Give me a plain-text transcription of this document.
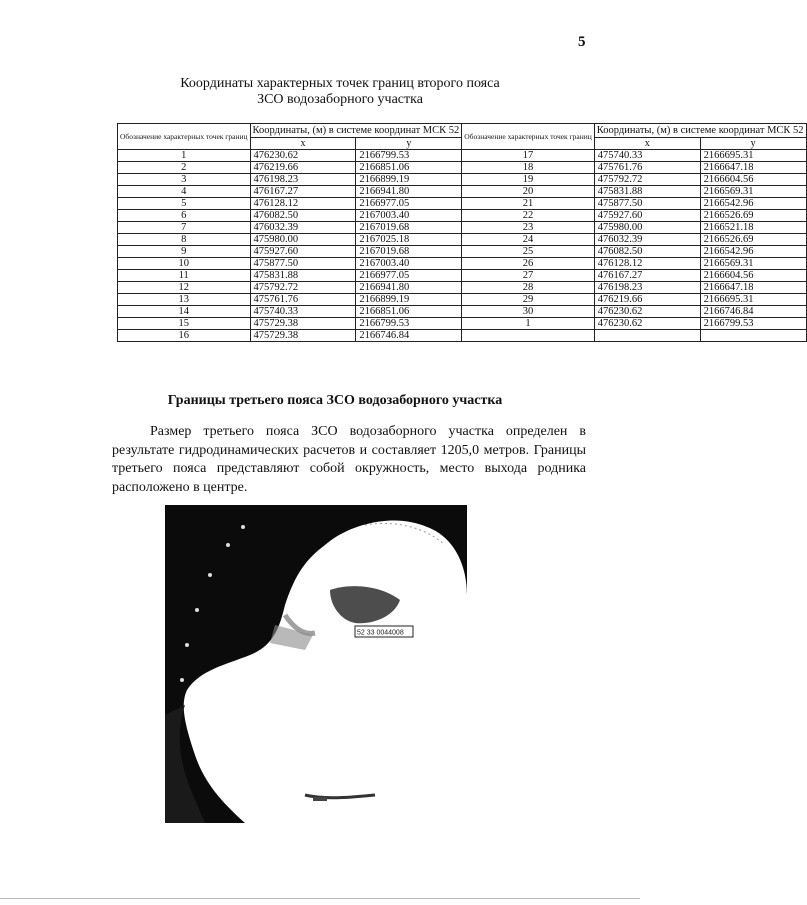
5
Координаты характерных точек границ второго пояса
ЗСО водозаборного участка
Обозначение характерных точек границ	Координаты, (м) в системе координат МСК 52		Обозначение характерных точек границ	Координаты, (м) в системе координат МСК 52	
	x	y		x	y
1	476230.62	2166799.53	17	475740.33	2166695.31
2	476219.66	2166851.06	18	475761.76	2166647.18
3	476198.23	2166899.19	19	475792.72	2166604.56
4	476167.27	2166941.80	20	475831.88	2166569.31
5	476128.12	2166977.05	21	475877.50	2166542.96
6	476082.50	2167003.40	22	475927.60	2166526.69
7	476032.39	2167019.68	23	475980.00	2166521.18
8	475980.00	2167025.18	24	476032.39	2166526.69
9	475927.60	2167019.68	25	476082.50	2166542.96
10	475877.50	2167003.40	26	476128.12	2166569.31
11	475831.88	2166977.05	27	476167.27	2166604.56
12	475792.72	2166941.80	28	476198.23	2166647.18
13	475761.76	2166899.19	29	476219.66	2166695.31
14	475740.33	2166851.06	30	476230.62	2166746.84
15	475729.38	2166799.53	1	476230.62	2166799.53
16	475729.38	2166746.84			
Границы третьего пояса ЗСО водозаборного участка
Размер третьего пояса ЗСО водозаборного участка определен в результате гидродинамических расчетов и составляет 1205,0 метров. Границы третьего пояса представляют собой окружность, место выхода родника расположено в центре.
52 33 0044008
